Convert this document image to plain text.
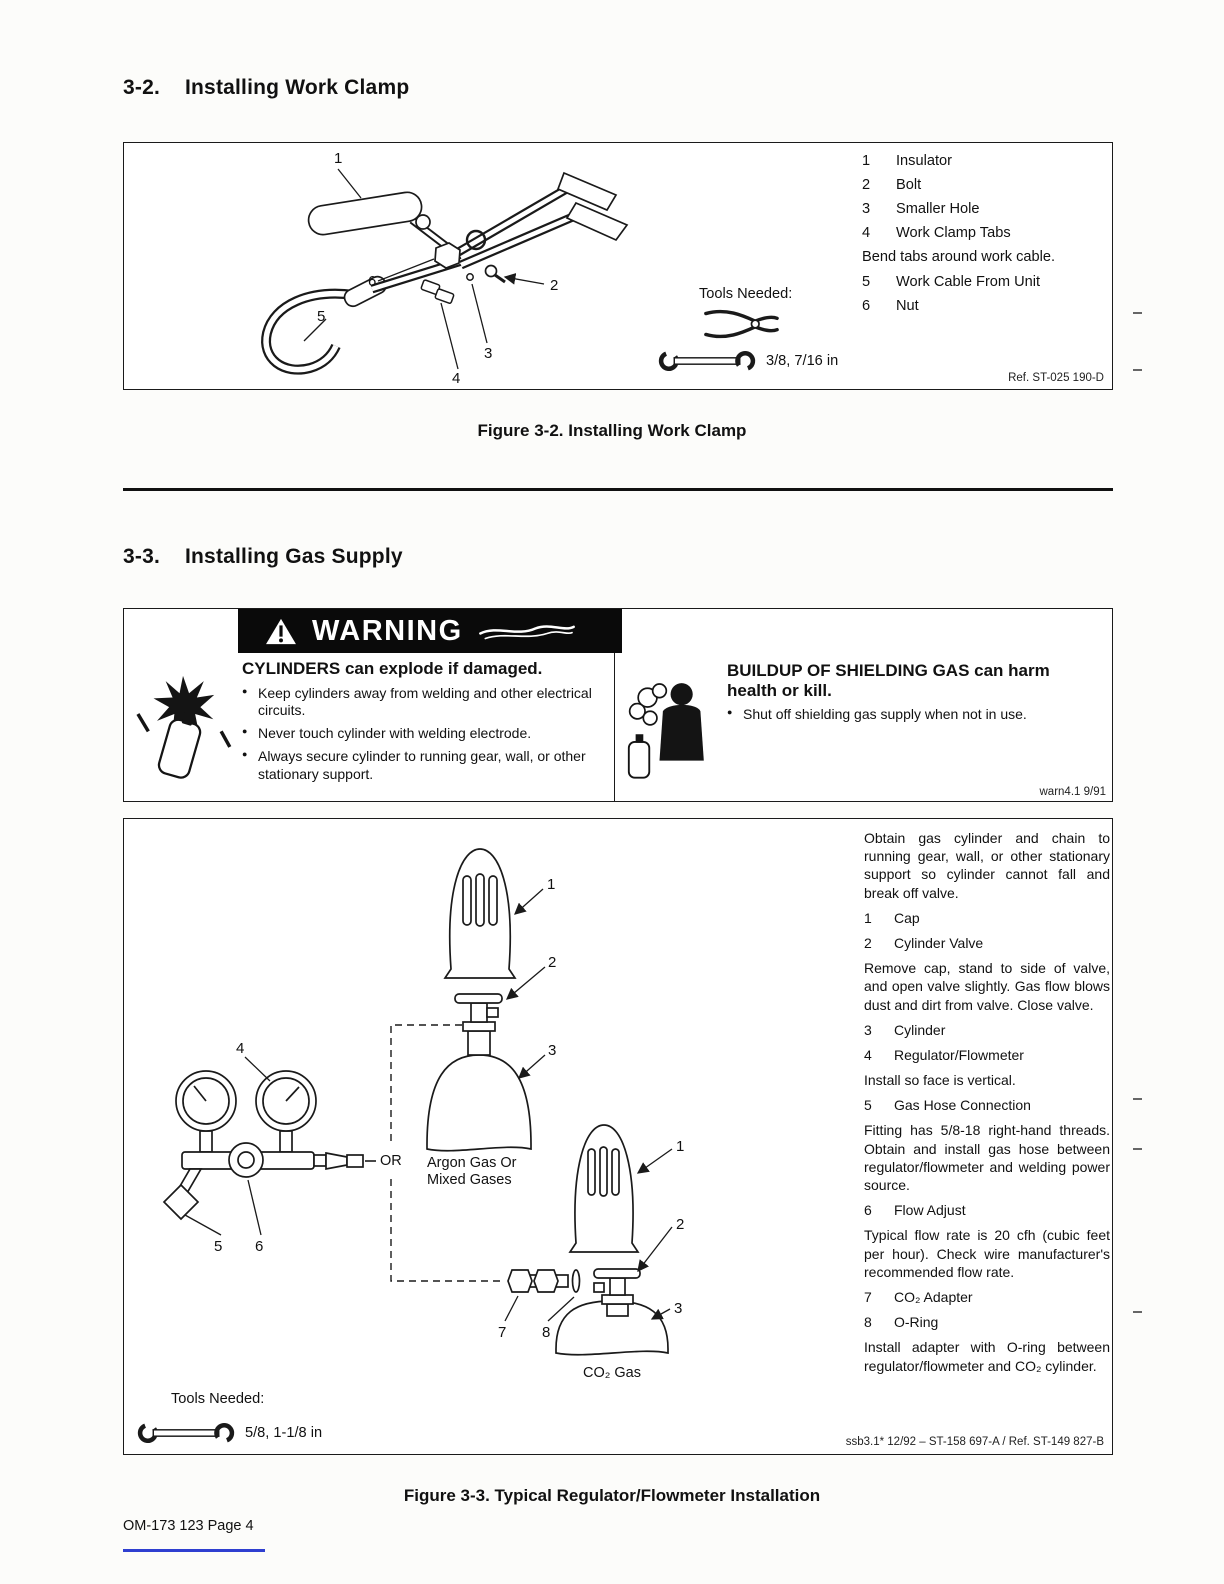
3-2. Installing Work Clamp
1
2
3
4
5
6
1	Insulator
2	Bolt
3	Smaller Hole
4	Work Clamp Tabs
Bend tabs around work cable.
5	Work Cable From Unit
6	Nut
Tools Needed:
3/8, 7/16 in
Ref. ST-025 190-D
Figure 3-2. Installing Work Clamp
3-3. Installing Gas Supply
WARNING

CYLINDERS can explode if damaged.

● Keep cylinders away from welding and other electrical circuits.
● Never touch cylinder with welding electrode.
● Always secure cylinder to running gear, wall, or other stationary support.

BUILDUP OF SHIELDING GAS can harm health or kill.

● Shut off shielding gas supply when not in use.
warn4.1 9/91
1
2
3
4
5 6
1
2
3
7 8
OR Argon Gas Or
Mixed Gases
CO₂ Gas

Obtain gas cylinder and chain to running gear, wall, or other stationary support so cylinder cannot fall and break off valve.

1	Cap
2	Cylinder Valve

Remove cap, stand to side of valve, and open valve slightly. Gas flow blows dust and dirt from valve. Close valve.

3	Cylinder
4	Regulator/Flowmeter

Install so face is vertical.

5	Gas Hose Connection

Fitting has 5/8-18 right-hand threads. Obtain and install gas hose between regulator/flowmeter and welding power source.

6	Flow Adjust

Typical flow rate is 20 cfh (cubic feet per hour). Check wire manufacturer's recommended flow rate.

7	CO₂ Adapter
8	O-Ring

Install adapter with O-ring between regulator/flowmeter and CO₂ cylinder.

Tools Needed:
5/8, 1-1/8 in
ssb3.1* 12/92 – ST-158 697-A / Ref. ST-149 827-B
Figure 3-3. Typical Regulator/Flowmeter Installation
OM-173 123 Page 4
